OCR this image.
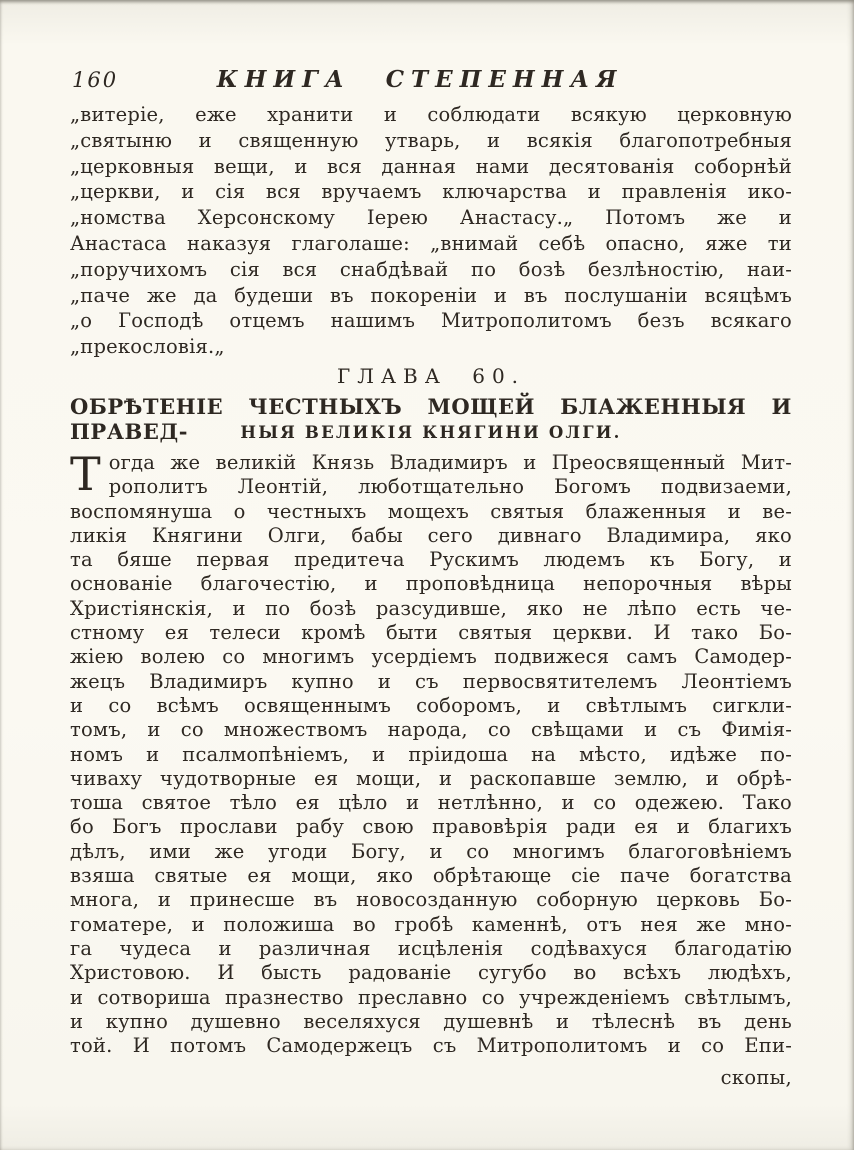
160	КНИГА СТЕПЕННАЯ
„витеріе, еже хранити и соблюдати всякую церковную
„святыню и священную утварь, и всякія благопотребныя
„церковныя вещи, и вся данная нами десятованія соборнѣй
„церкви, и сія вся вручаемъ ключарства и правленія ико-
„номства Херсонскому Іерею Анастасу.„ Потомъ же и
Анастаса наказуя глаголаше: „внимай себѣ опасно, яже ти
„поручихомъ сія вся снабдѣвай по бозѣ безлѣностію, наи-
„паче же да будеши въ покореніи и въ послушаніи всяцѣмъ
„о Господѣ отцемъ нашимъ Митрополитомъ безъ всякаго
„прекословія.„
ГЛАВА 60.
ОБРѢТЕНІЕ ЧЕСТНЫХЪ МОЩЕЙ БЛАЖЕННЫЯ И ПРАВЕД-	НЫЯ ВЕЛИКІЯ КНЯГИНИ ОЛГИ.
Т огда же великій Князь Владимиръ и Преосвященный Мит-
рополитъ Леонтій, люботщательно Богомъ подвизаеми,
воспомянуша о честныхъ мощехъ святыя блаженныя и ве-
ликія Княгини Олги, бабы сего дивнаго Владимира, яко
та бяше первая предитеча Рускимъ людемъ къ Богу, и
основаніе благочестію, и проповѣдница непорочныя вѣры
Христіянскія, и по бозѣ разсудивше, яко не лѣпо есть че-
стному ея телеси кромѣ быти святыя церкви. И тако Бо-
жіею волею со многимъ усердіемъ подвижеся самъ Самодер-
жецъ Владимиръ купно и съ первосвятителемъ Леонтіемъ
и со всѣмъ освященнымъ соборомъ, и свѣтлымъ сигкли-
томъ, и со множествомъ народа, со свѣщами и съ Фимія-
номъ и псалмопѣніемъ, и пріидоша на мѣсто, идѣже по-
чиваху чудотворные ея мощи, и раскопавше землю, и обрѣ-
тоша святое тѣло ея цѣло и нетлѣнно, и со одежею. Тако
бо Богъ прослави рабу свою правовѣрія ради ея и благихъ
дѣлъ, ими же угоди Богу, и со многимъ благоговѣніемъ
взяша святые ея мощи, яко обрѣтающе сіе паче богатства
многа, и принесше въ новосозданную соборную церковь Бо-
гоматере, и положиша во гробѣ каменнѣ, отъ нея же мно-
га чудеса и различная исцѣленія содѣвахуся благодатію
Христовою. И бысть радованіе сугубо во всѣхъ людѣхъ,
и сотвориша празнество преславно со учрежденіемъ свѣтлымъ,
и купно душевно веселяхуся душевнѣ и тѣлеснѣ въ день
той. И потомъ Самодержецъ съ Митрополитомъ и со Епи-
скопы,
